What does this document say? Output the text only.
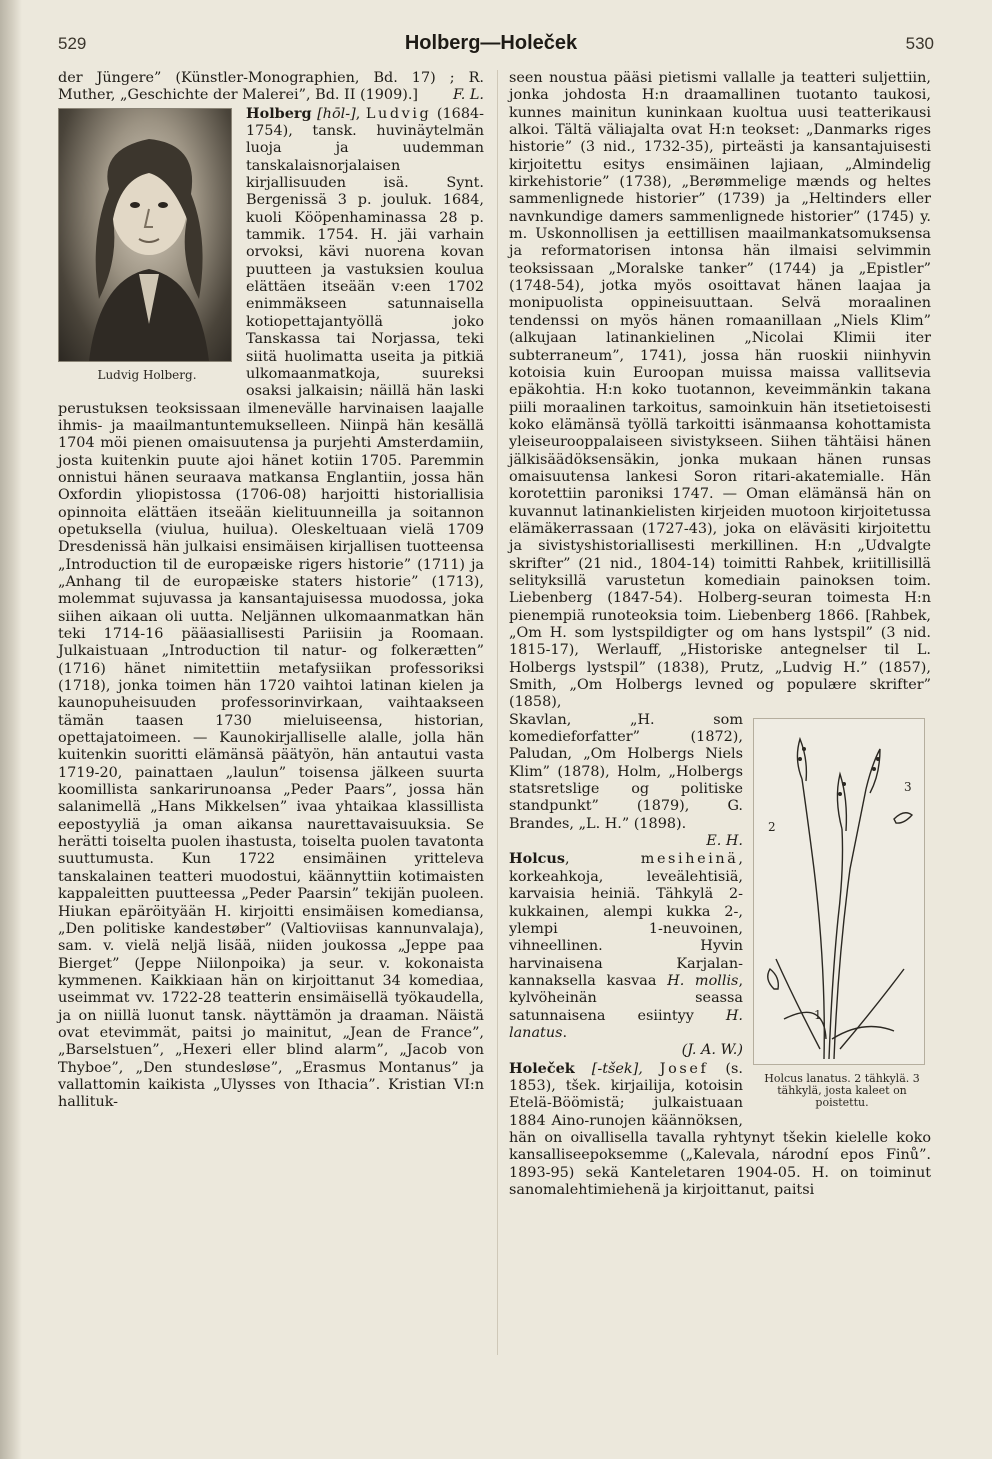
529	Holberg—Holeček	530

der Jüngere” (Künstler-Monographien, Bd. 17) ; R. Muther, „Geschichte der Malerei”, Bd. II (1909).] F. L.

Holberg [hōl-], Ludvig
Ludvig Holberg.
(1684-1754), tansk. huvinäytelmän luoja ja uudemman tanskalaisnorjalaisen kirjallisuuden isä. Synt. Bergenissä 3 p. jouluk. 1684, kuoli Kööpenhaminassa 28 p. tammik. 1754. H. jäi varhain orvoksi, kävi nuorena kovan puutteen ja vastuksien koulua elättäen itseään v:een 1702 enimmäkseen satunnaisella kotiopettajantyöllä joko Tanskassa tai Norjassa, teki siitä huolimatta useita ja pitkiä ulkomaanmatkoja, suureksi osaksi jalkaisin; näillä hän laski perustuksen teoksissaan ilmenevälle harvinaisen laajalle ihmis- ja maailmantuntemukselleen. Niinpä hän kesällä 1704 möi pienen omaisuutensa ja purjehti Amsterdamiin, josta kuitenkin puute ajoi hänet kotiin 1705. Paremmin onnistui hänen seuraava matkansa Englantiin, jossa hän Oxfordin yliopistossa (1706-08) harjoitti historiallisia opinnoita elättäen itseään kielituunneilla ja soitannon opetuksella (viulua, huilua). Oleskeltuaan vielä 1709 Dresdenissä hän julkaisi ensimäisen kirjallisen tuotteensa „Introduction til de europæiske rigers historie” (1711) ja „Anhang til de europæiske staters historie” (1713), molemmat sujuvassa ja kansantajuisessa muodossa, joka siihen aikaan oli uutta. Neljännen ulkomaanmatkan hän teki 1714-16 pääasiallisesti Pariisiin ja Roomaan. Julkaistuaan „Introduction til natur- og folkerætten” (1716) hänet nimitettiin metafysiikan professoriksi (1718), jonka toimen hän 1720 vaihtoi latinan kielen ja kaunopuheisuuden professorinvirkaan, vaihtaakseen tämän taasen 1730 mieluiseensa, historian, opettajatoimeen. — Kaunokirjalliselle alalle, jolla hän kuitenkin suoritti elämänsä päätyön, hän antautui vasta 1719-20, painattaen „laulun” toisensa jälkeen suurta koomillista sankarirunoansa „Peder Paars”, jossa hän salanimellä „Hans Mikkelsen” ivaa yhtaikaa klassillista eepostyyliä ja oman aikansa naurettavaisuuksia. Se herätti toiselta puolen ihastusta, toiselta puolen tavatonta suuttumusta. Kun 1722 ensimäinen yritteleva tanskalainen teatteri muodostui, käännyttiin kotimaisten kappaleitten puutteessa „Peder Paarsin” tekijän puoleen. Hiukan epäröityään H. kirjoitti ensimäisen komediansa, „Den politiske kandestøber” (Valtioviisas kannunvalaja), sam. v. vielä neljä lisää, niiden joukossa „Jeppe paa Bierget” (Jeppe Niilonpoika) ja seur. v. kokonaista kymmenen. Kaikkiaan hän on kirjoittanut 34 komediaa, useimmat vv. 1722-28 teatterin ensimäisellä työkaudella, ja on niillä luonut tansk. näyttämön ja draaman. Näistä ovat etevimmät, paitsi jo mainitut, „Jean de France”, „Barselstuen”, „Hexeri eller blind alarm”, „Jacob von Thyboe”, „Den stundesløse”, „Erasmus Montanus” ja vallattomin kaikista „Ulysses von Ithacia”. Kristian VI:n hallituk-

seen noustua pääsi pietismi vallalle ja teatteri suljettiin, jonka johdosta H:n draamallinen tuotanto taukosi, kunnes mainitun kuninkaan kuoltua uusi teatterikausi alkoi. Tältä väliajalta ovat H:n teokset: „Danmarks riges historie” (3 nid., 1732-35), pirteästi ja kansantajuisesti kirjoitettu esitys ensimäinen lajiaan, „Almindelig kirkehistorie” (1738), „Berømmelige mænds og heltes sammenlignede historier” (1739) ja „Heltinders eller navnkundige damers sammenlignede historier” (1745) y. m. Uskonnollisen ja eettillisen maailmankatsomuksensa ja reformatorisen intonsa hän ilmaisi selvimmin teoksissaan „Moralske tanker” (1744) ja „Epistler” (1748-54), jotka myös osoittavat hänen laajaa ja monipuolista oppineisuuttaan. Selvä moraalinen tendenssi on myös hänen romaanillaan „Niels Klim” (alkujaan latinankielinen „Nicolai Klimii iter subterraneum”, 1741), jossa hän ruoskii niinhyvin kotoisia kuin Euroopan muissa maissa vallitsevia epäkohtia. H:n koko tuotannon, keveimmänkin takana piili moraalinen tarkoitus, samoinkuin hän itsetietoisesti koko elämänsä työllä tarkoitti isänmaansa kohottamista yleiseurooppalaiseen sivistykseen. Siihen tähtäisi hänen jälkisäädöksensäkin, jonka mukaan hänen runsas omaisuutensa lankesi Soron ritari-akatemialle. Hän korotettiin paroniksi 1747. — Oman elämänsä hän on kuvannut latinankielisten kirjeiden muotoon kirjoitetussa elämäkerrassaan (1727-43), joka on eläväsiti kirjoitettu ja sivistyshistoriallisesti merkillinen. H:n „Udvalgte skrifter” (21 nid., 1804-14) toimitti Rahbek, kriitillisillä selityksillä varustetun komediain painoksen toim. Liebenberg (1847-54). Holberg-seuran toimesta H:n pienempiä runoteoksia toim. Liebenberg 1866. [Rahbek, „Om H. som lystspildigter og om hans lystspil” (3 nid. 1815-17), Werlauff, „Historiske antegnelser til L. Holbergs lystspil” (1838), Prutz, „Ludvig H.” (1857), Smith, „Om Holbergs levned og populære skrifter” (1858),

3
2
1
Holcus lanatus. 2 tähkylä. 3 tähkylä, josta kaleet on poistettu.

Skavlan, „H. som komedieforfatter” (1872), Paludan, „Om Holbergs Niels Klim” (1878), Holm, „Holbergs statsretslige og politiske standpunkt” (1879), G. Brandes, „L. H.” (1898).

E. H.

Holcus, mesiheinä, korkeahkoja, leveälehtisiä, karvaisia heiniä. Tähkylä 2-kukkainen, alempi kukka 2-, ylempi 1-neuvoinen, vihneellinen. Hyvin harvinaisena Karjalan-kannaksella kasvaa H. mollis, kylvöheinän seassa satunnaisena esiintyy H. lanatus.

(J. A. W.)

Holeček [-tšek], Josef (s. 1853), tšek. kirjailija, kotoisin Etelä-Böömistä; julkaistuaan 1884 Aino-runojen käännöksen, hän on oivallisella tavalla ryhtynyt tšekin kielelle koko kansalliseepoksemme („Kalevala, národní epos Finů”. 1893-95) sekä Kanteletaren 1904-05. H. on toiminut sanomalehtimiehenä ja kirjoittanut, paitsi
